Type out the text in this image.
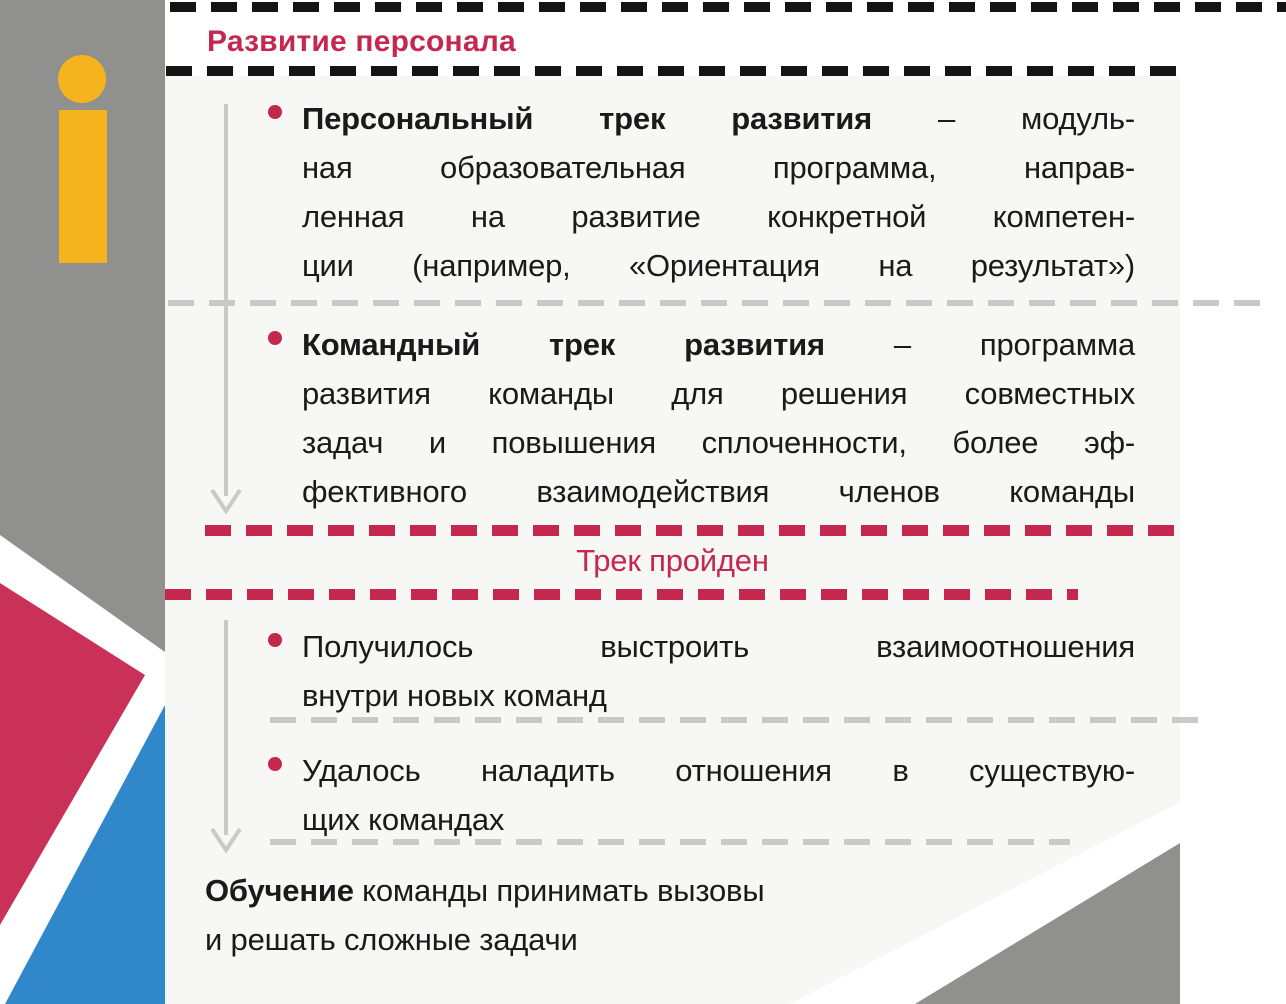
Развитие персонала
Персональный трек развития – модуль-
ная образовательная программа, направ-
ленная на развитие конкретной компетен-
ции (например, «Ориентация на результат»)
Командный трек развития – программа
развития команды для решения совместных
задач и повышения сплоченности, более эф-
фективного взаимодействия членов команды
Трек пройден
Получилось выстроить взаимоотношения
внутри новых команд
Удалось наладить отношения в существую-
щих командах
Обучение команды принимать вызовы
и решать сложные задачи
